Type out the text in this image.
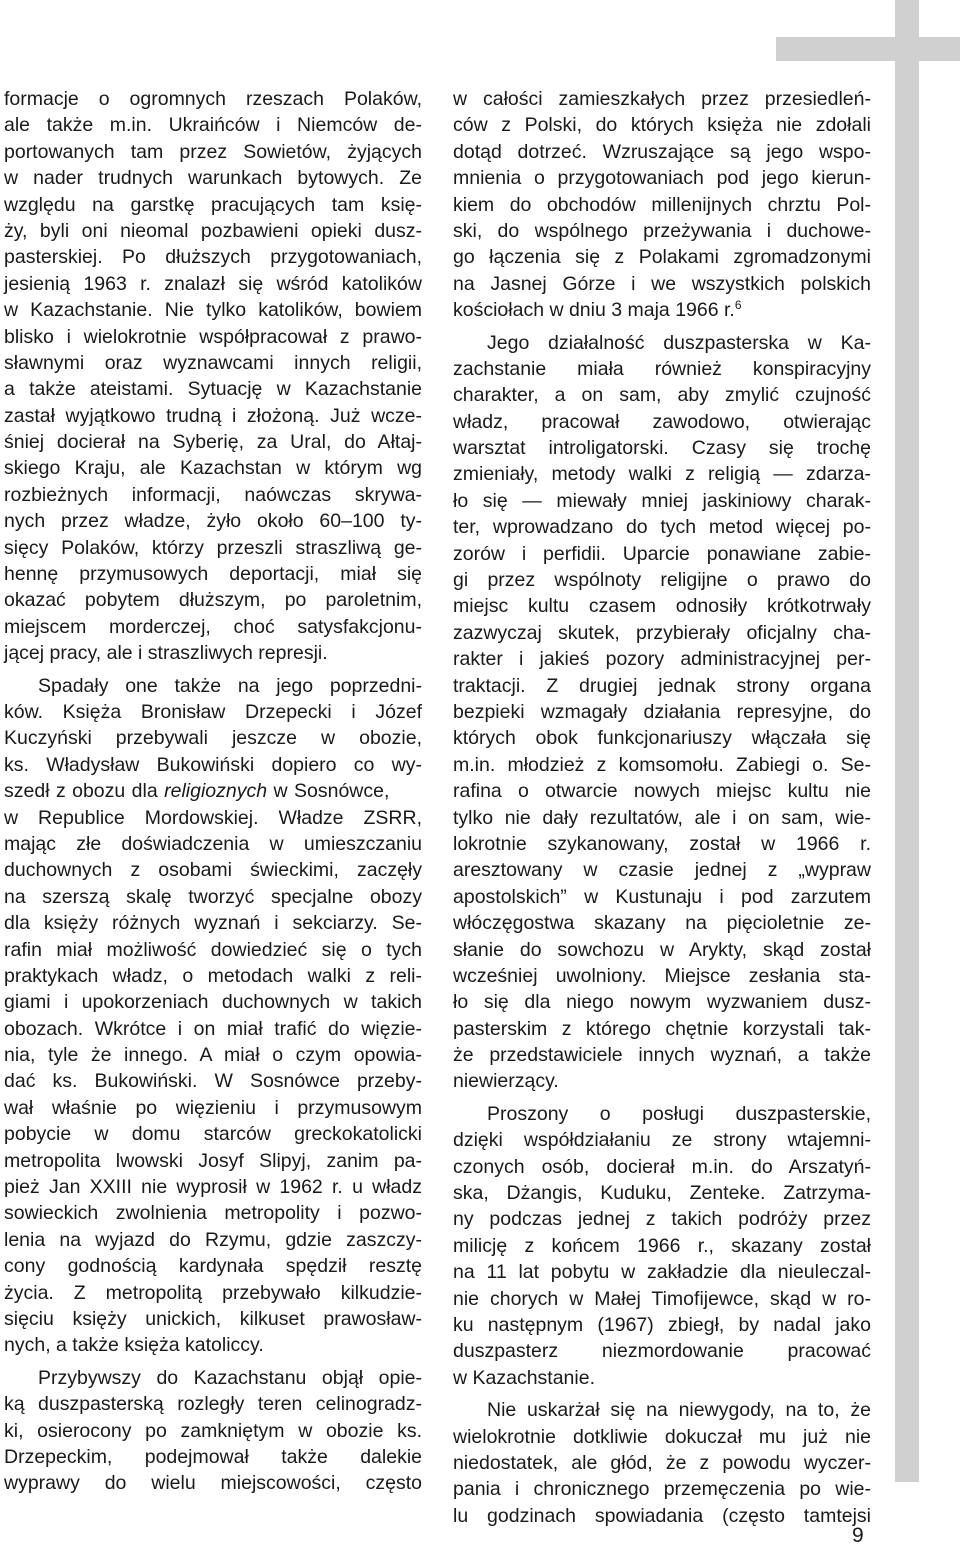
formacje o ogromnych rzeszach Polaków,
ale także m.in. Ukraińców i Niemców de-
portowanych tam przez Sowietów, żyjących
w nader trudnych warunkach bytowych. Ze
względu na garstkę pracujących tam księ-
ży, byli oni nieomal pozbawieni opieki dusz-
pasterskiej. Po dłuższych przygotowaniach,
jesienią 1963 r. znalazł się wśród katolików
w Kazachstanie. Nie tylko katolików, bowiem
blisko i wielokrotnie współpracował z prawo-
sławnymi oraz wyznawcami innych religii,
a także ateistami. Sytuację w Kazachstanie
zastał wyjątkowo trudną i złożoną. Już wcze-
śniej docierał na Syberię, za Ural, do Ałtaj-
skiego Kraju, ale Kazachstan w którym wg
rozbieżnych informacji, naówczas skrywa-
nych przez władze, żyło około 60–100 ty-
sięcy Polaków, którzy przeszli straszliwą ge-
hennę przymusowych deportacji, miał się
okazać pobytem dłuższym, po paroletnim,
miejscem morderczej, choć satysfakcjonu-
jącej pracy, ale i straszliwych represji.
Spadały one także na jego poprzedni-
ków. Księża Bronisław Drzepecki i Józef
Kuczyński przebywali jeszcze w obozie,
ks. Władysław Bukowiński dopiero co wy-
szedł z obozu dla religioznych w Sosnówce,
w Republice Mordowskiej. Władze ZSRR,
mając złe doświadczenia w umieszczaniu
duchownych z osobami świeckimi, zaczęły
na szerszą skalę tworzyć specjalne obozy
dla księży różnych wyznań i sekciarzy. Se-
rafin miał możliwość dowiedzieć się o tych
praktykach władz, o metodach walki z reli-
giami i upokorzeniach duchownych w takich
obozach. Wkrótce i on miał trafić do więzie-
nia, tyle że innego. A miał o czym opowia-
dać ks. Bukowiński. W Sosnówce przeby-
wał właśnie po więzieniu i przymusowym
pobycie w domu starców greckokatolicki
metropolita lwowski Josyf Slipyj, zanim pa-
pież Jan XXIII nie wyprosił w 1962 r. u władz
sowieckich zwolnienia metropolity i pozwo-
lenia na wyjazd do Rzymu, gdzie zaszczy-
cony godnością kardynała spędził resztę
życia. Z metropolitą przebywało kilkudzie-
sięciu księży unickich, kilkuset prawosław-
nych, a także księża katoliccy.
Przybywszy do Kazachstanu objął opie-
ką duszpasterską rozległy teren celinogradz-
ki, osierocony po zamkniętym w obozie ks.
Drzepeckim, podejmował także dalekie
wyprawy do wielu miejscowości, często
w całości zamieszkałych przez przesiedleń-
ców z Polski, do których księża nie zdołali
dotąd dotrzeć. Wzruszające są jego wspo-
mnienia o przygotowaniach pod jego kierun-
kiem do obchodów millenijnych chrztu Pol-
ski, do wspólnego przeżywania i duchowe-
go łączenia się z Polakami zgromadzonymi
na Jasnej Górze i we wszystkich polskich
kościołach w dniu 3 maja 1966 r.$^6$
Jego działalność duszpasterska w Ka-
zachstanie miała również konspiracyjny
charakter, a on sam, aby zmylić czujność
władz, pracował zawodowo, otwierając
warsztat introligatorski. Czasy się trochę
zmieniały, metody walki z religią — zdarza-
ło się — miewały mniej jaskiniowy charak-
ter, wprowadzano do tych metod więcej po-
zorów i perfidii. Uparcie ponawiane zabie-
gi przez wspólnoty religijne o prawo do
miejsc kultu czasem odnosiły krótkotrwały
zazwyczaj skutek, przybierały oficjalny cha-
rakter i jakieś pozory administracyjnej per-
traktacji. Z drugiej jednak strony organa
bezpieki wzmagały działania represyjne, do
których obok funkcjonariuszy włączała się
m.in. młodzież z komsomołu. Zabiegi o. Se-
rafina o otwarcie nowych miejsc kultu nie
tylko nie dały rezultatów, ale i on sam, wie-
lokrotnie szykanowany, został w 1966 r.
aresztowany w czasie jednej z „wypraw
apostolskich” w Kustunaju i pod zarzutem
włóczęgostwa skazany na pięcioletnie ze-
słanie do sowchozu w Arykty, skąd został
wcześniej uwolniony. Miejsce zesłania sta-
ło się dla niego nowym wyzwaniem dusz-
pasterskim z którego chętnie korzystali tak-
że przedstawiciele innych wyznań, a także
niewierzący.
Proszony o posługi duszpasterskie,
dzięki współdziałaniu ze strony wtajemni-
czonych osób, docierał m.in. do Arszatyń-
ska, Dżangis, Kuduku, Zenteke. Zatrzyma-
ny podczas jednej z takich podróży przez
milicję z końcem 1966 r., skazany został
na 11 lat pobytu w zakładzie dla nieuleczal-
nie chorych w Małej Timofijewce, skąd w ro-
ku następnym (1967) zbiegł, by nadal jako
duszpasterz niezmordowanie pracować
w Kazachstanie.
Nie uskarżał się na niewygody, na to, że
wielokrotnie dotkliwie dokuczał mu już nie
niedostatek, ale głód, że z powodu wyczer-
pania i chronicznego przemęczenia po wie-
lu godzinach spowiadania (często tamtejsi
9
